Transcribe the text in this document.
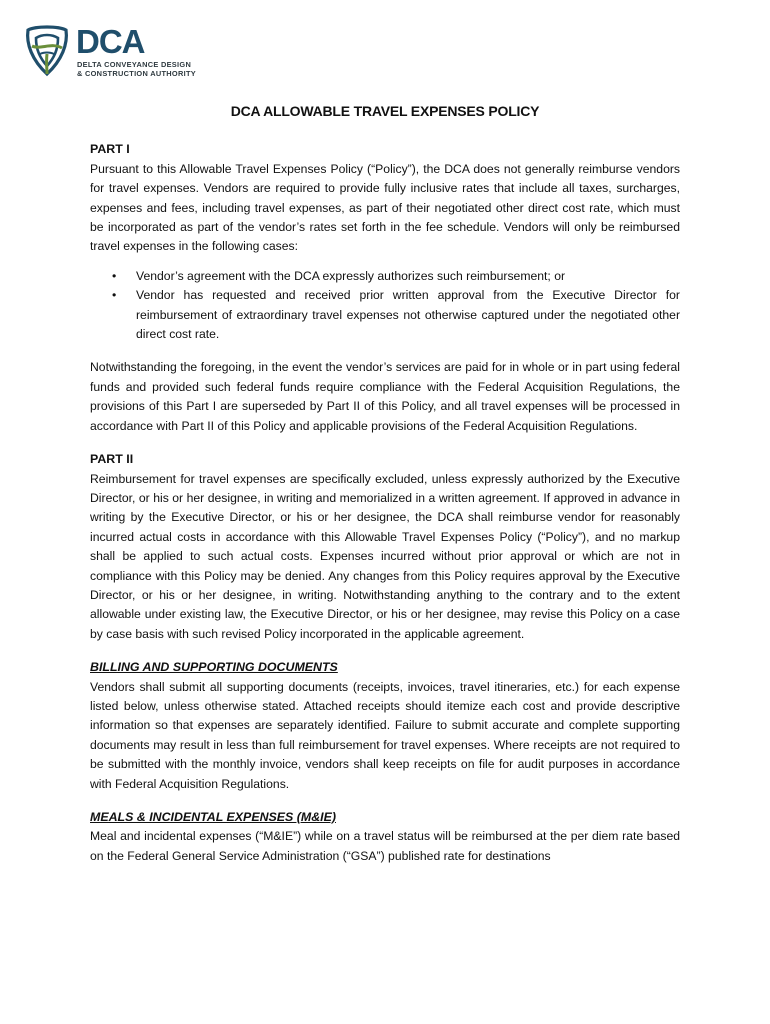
DCA
DELTA CONVEYANCE DESIGN
& CONSTRUCTION AUTHORITY
DCA ALLOWABLE TRAVEL EXPENSES POLICY
PART I

Pursuant to this Allowable Travel Expenses Policy (“Policy”), the DCA does not generally reimburse vendors for travel expenses. Vendors are required to provide fully inclusive rates that include all taxes, surcharges, expenses and fees, including travel expenses, as part of their negotiated other direct cost rate, which must be incorporated as part of the vendor’s rates set forth in the fee schedule. Vendors will only be reimbursed travel expenses in the following cases:

• Vendor’s agreement with the DCA expressly authorizes such reimbursement; or
• Vendor has requested and received prior written approval from the Executive Director for reimbursement of extraordinary travel expenses not otherwise captured under the negotiated other direct cost rate.

Notwithstanding the foregoing, in the event the vendor’s services are paid for in whole or in part using federal funds and provided such federal funds require compliance with the Federal Acquisition Regulations, the provisions of this Part I are superseded by Part II of this Policy, and all travel expenses will be processed in accordance with Part II of this Policy and applicable provisions of the Federal Acquisition Regulations.

PART II

Reimbursement for travel expenses are specifically excluded, unless expressly authorized by the Executive Director, or his or her designee, in writing and memorialized in a written agreement. If approved in advance in writing by the Executive Director, or his or her designee, the DCA shall reimburse vendor for reasonably incurred actual costs in accordance with this Allowable Travel Expenses Policy (“Policy”), and no markup shall be applied to such actual costs. Expenses incurred without prior approval or which are not in compliance with this Policy may be denied. Any changes from this Policy requires approval by the Executive Director, or his or her designee, in writing. Notwithstanding anything to the contrary and to the extent allowable under existing law, the Executive Director, or his or her designee, may revise this Policy on a case by case basis with such revised Policy incorporated in the applicable agreement.

BILLING AND SUPPORTING DOCUMENTS

Vendors shall submit all supporting documents (receipts, invoices, travel itineraries, etc.) for each expense listed below, unless otherwise stated. Attached receipts should itemize each cost and provide descriptive information so that expenses are separately identified. Failure to submit accurate and complete supporting documents may result in less than full reimbursement for travel expenses. Where receipts are not required to be submitted with the monthly invoice, vendors shall keep receipts on file for audit purposes in accordance with Federal Acquisition Regulations.

MEALS & INCIDENTAL EXPENSES (M&IE)

Meal and incidental expenses (“M&IE”) while on a travel status will be reimbursed at the per diem rate based on the Federal General Service Administration (“GSA”) published rate for destinations
